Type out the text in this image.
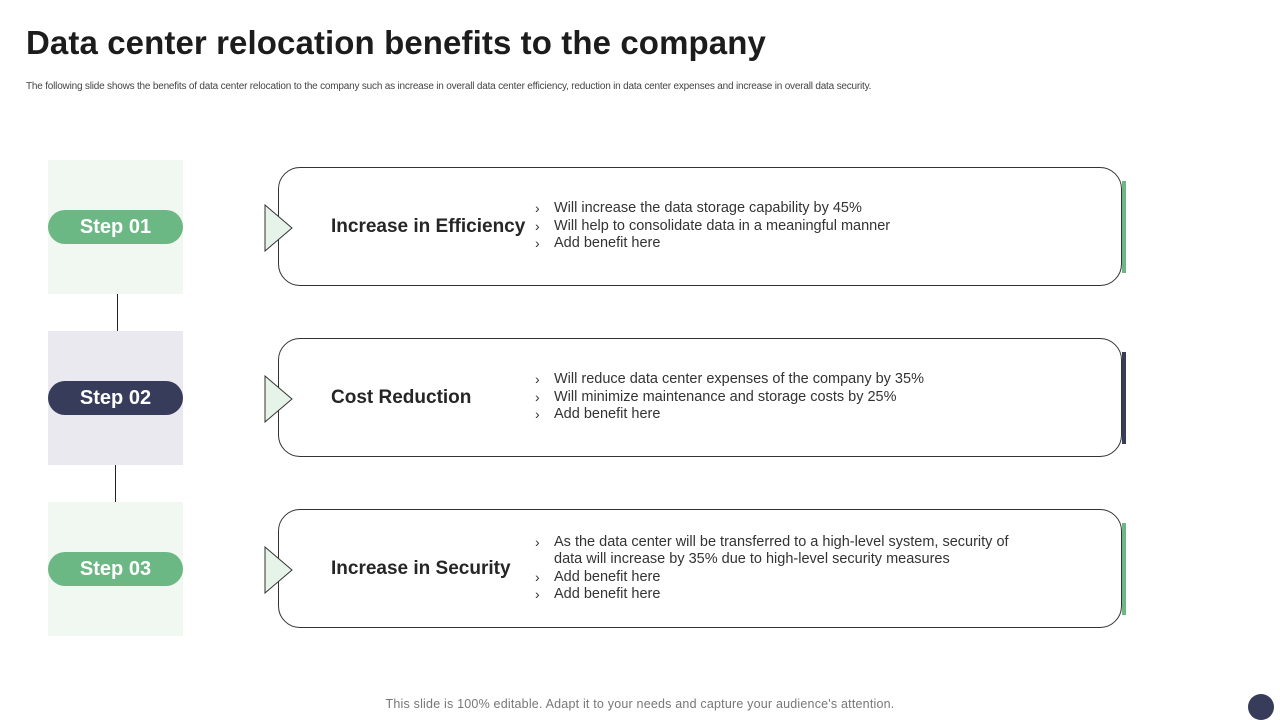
Data center relocation benefits to the company
The following slide shows the benefits of data center relocation to the company such as increase in overall data center efficiency, reduction in data center expenses and increase in overall data security.
Step 01
Step 02
Step 03
Increase in Efficiency
› Will increase the data storage capability by 45%
› Will help to consolidate data in a meaningful manner
› Add benefit here
Cost Reduction
› Will reduce data center expenses of the company by 35%
› Will minimize maintenance and storage costs by 25%
› Add benefit here
Increase in Security
› As the data center will be transferred to a high-level system, security of data will increase by 35% due to high-level security measures
› Add benefit here
› Add benefit here
This slide is 100% editable. Adapt it to your needs and capture your audience's attention.
